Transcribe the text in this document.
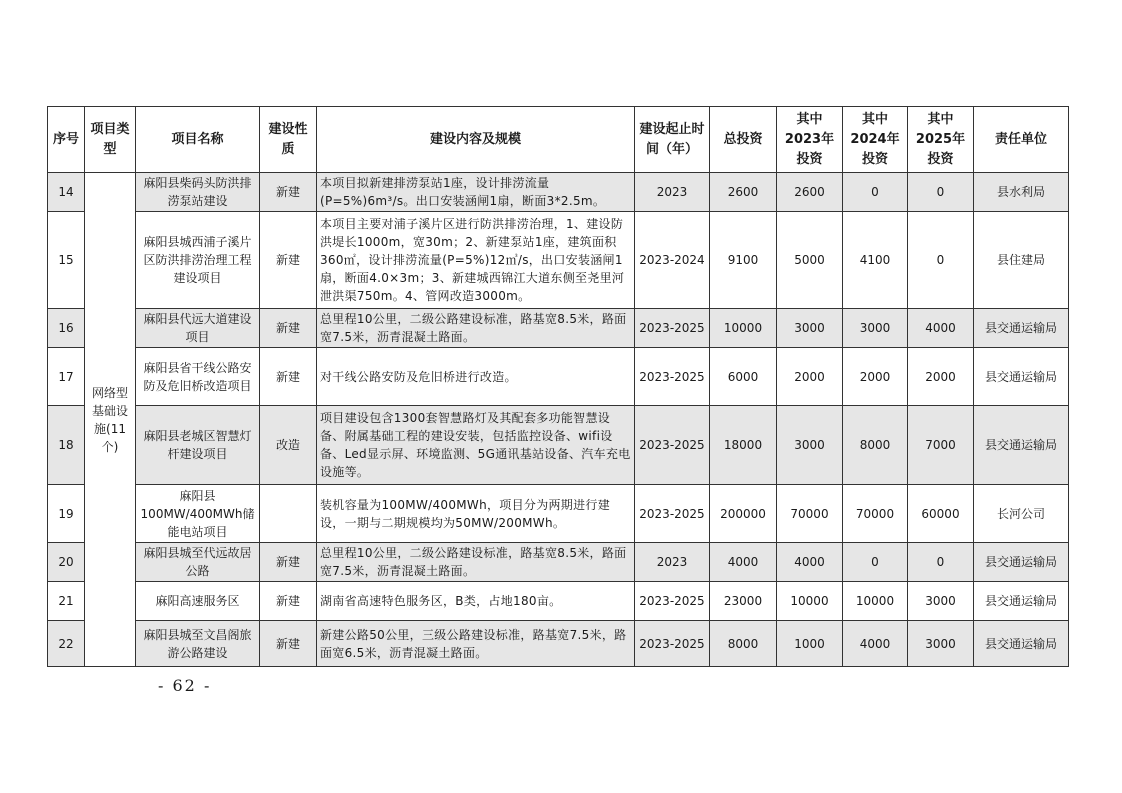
序号	项目类型	项目名称	建设性质	建设内容及规模	建设起止时间（年）	总投资	其中2023年投资	其中2024年投资	其中2025年投资	责任单位
14	网络型基础设施(11个)	麻阳县柴码头防洪排涝泵站建设	新建	本项目拟新建排涝泵站1座，设计排涝流量(P=5%)6m³/s。出口安装涵闸1扇，断面3*2.5m。	2023	2600	2600	0	0	县水利局
15		麻阳县城西浦子溪片区防洪排涝治理工程建设项目	新建	本项目主要对浦子溪片区进行防洪排涝治理，1、建设防洪堤长1000m，宽30m；2、新建泵站1座，建筑面积360㎡，设计排涝流量(P=5%)12㎥/s，出口安装涵闸1扇，断面4.0×3m；3、新建城西锦江大道东侧至尧里河泄洪渠750m。4、管网改造3000m。	2023-2024	9100	5000	4100	0	县住建局
16		麻阳县代远大道建设项目	新建	总里程10公里，二级公路建设标准，路基宽8.5米，路面宽7.5米，沥青混凝土路面。	2023-2025	10000	3000	3000	4000	县交通运输局
17		麻阳县省干线公路安防及危旧桥改造项目	新建	对干线公路安防及危旧桥进行改造。	2023-2025	6000	2000	2000	2000	县交通运输局
18		麻阳县老城区智慧灯杆建设项目	改造	项目建设包含1300套智慧路灯及其配套多功能智慧设备、附属基础工程的建设安装，包括监控设备、wifi设备、Led显示屏、环境监测、5G通讯基站设备、汽车充电设施等。	2023-2025	18000	3000	8000	7000	县交通运输局
19		麻阳县100MW/400MWh储能电站项目		装机容量为100MW/400MWh，项目分为两期进行建设，一期与二期规模均为50MW/200MWh。	2023-2025	200000	70000	70000	60000	长河公司
20		麻阳县城至代远故居公路	新建	总里程10公里，二级公路建设标准，路基宽8.5米，路面宽7.5米，沥青混凝土路面。	2023	4000	4000	0	0	县交通运输局
21		麻阳高速服务区	新建	湖南省高速特色服务区，B类，占地180亩。	2023-2025	23000	10000	10000	3000	县交通运输局
22		麻阳县城至文昌阁旅游公路建设	新建	新建公路50公里，三级公路建设标准，路基宽7.5米，路面宽6.5米，沥青混凝土路面。	2023-2025	8000	1000	4000	3000	县交通运输局
- 62 -
